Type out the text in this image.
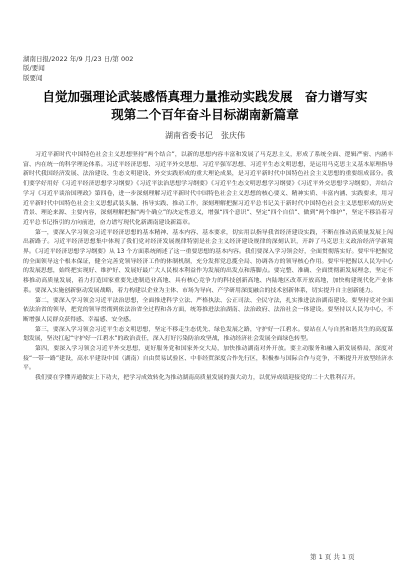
湖南日报/2022 年/9 月/23 日/第 002
版/要闻
版要闻
自觉加强理论武装感悟真理力量推动实践发展　奋力谱写实
现第二个百年奋斗目标湖南新篇章
湖南省委书记　张庆伟

习近平新时代中国特色社会主义思想坚持“两个结合”，以新的思想内容丰富和发展了马克思主义，形成了系统全面、逻辑严密、内涵丰富、内在统一的科学理论体系。习近平经济思想、习近平外交思想、习近平强军思想、习近平生态文明思想，是运用马克思主义基本原理指导新时代我国经济发展、法治建设、生态文明建设、外交实践形成的重大理论成果，是习近平新时代中国特色社会主义思想的重要组成部分。我们要学好用好《习近平经济思想学习纲要》《习近平法治思想学习纲要》《习近平生态文明思想学习纲要》《习近平外交思想学习纲要》，并结合学习《习近平谈治国理政》第四卷，进一步深刻理解习近平新时代中国特色社会主义思想的核心要义、精神实质、丰富内涵、实践要求，用习近平新时代中国特色社会主义思想武装头脑、指导实践、推动工作，深刻理解把握习近平总书记关于新时代中国特色社会主义思想形成的历史背景、理论来源、主要内容，深刻理解把握“两个确立”的决定性意义，增强“四个意识”、坚定“四个自信”、做到“两个维护”，坚定不移沿着习近平总书记指引的方向前进，奋力谱写现代化新湖南建设新篇章。

第一，要深入学习领会习近平经济思想的基本精神、基本内容、基本要求，切实用以指导我省经济建设实践，不断在推动高质量发展上闯出新路子。习近平经济思想集中体现了我们党对经济发展规律特别是社会主义经济建设规律的深刻认识，开辟了马克思主义政治经济学新境界。《习近平经济思想学习纲要》从 13 个方面系统阐述了这一重要思想的基本内容。我们要深入学习领会好，全面贯彻落实好。要牢牢把握党的全面领导这个根本保证，健全完善党领导经济工作的体制机制，充分发挥党总揽全局、协调各方的领导核心作用。要牢牢把握以人民为中心的发展思想，始终把实现好、维护好、发展好最广大人民根本利益作为发展的出发点和落脚点。要完整、准确、全面贯彻新发展理念，坚定不移推动高质量发展，着力打造国家重要先进制造业高地、具有核心竞争力的科技创新高地、内陆地区改革开放高地，加快构建现代化产业体系。要深入实施创新驱动发展战略，着力构建以企业为主体、市场为导向、产学研用深度融合的技术创新体系，切实提升自主创新能力。

第二，要深入学习领会习近平法治思想，全面推进科学立法、严格执法、公正司法、全民守法，扎实推进法治湖南建设。要坚持党对全面依法治省的领导，把党的领导贯彻到依法治省全过程和各方面，统筹推进法治湖南、法治政府、法治社会一体建设。要坚持以人民为中心，不断增强人民群众获得感、幸福感、安全感。

第三，要深入学习领会习近平生态文明思想，坚定不移走生态优先、绿色发展之路，守护好一江碧水。要站在人与自然和谐共生的高度谋划发展，坚决扛起“守护好一江碧水”的政治责任，深入打好污染防治攻坚战，推动经济社会发展全面绿色转型。

第四，要深入学习领会习近平外交思想，更好服务党和国家外交大局，加快推动湖南对外开放。要主动服务和融入新发展格局，深度对接“一带一路”建设，高水平建设中国（湖南）自由贸易试验区、中非经贸深度合作先行区，积极参与国际合作与竞争，不断提升开放型经济水平。

我们要在学懂弄通做实上下功夫，把学习成效转化为推动湖南高质量发展的强大动力，以优异成绩迎接党的二十大胜利召开。

第 1 页 共 1 页
